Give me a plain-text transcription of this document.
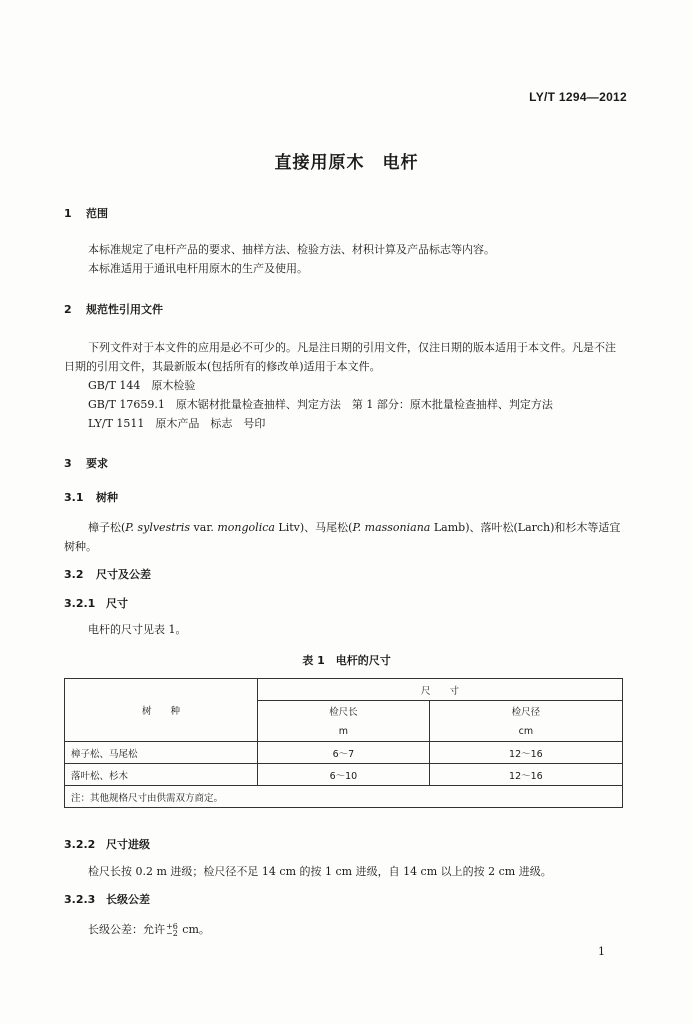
LY/T 1294—2012
直接用原木　电杆
1 范围
本标准规定了电杆产品的要求、抽样方法、检验方法、材积计算及产品标志等内容。
本标准适用于通讯电杆用原木的生产及使用。
2 规范性引用文件
下列文件对于本文件的应用是必不可少的。凡是注日期的引用文件，仅注日期的版本适用于本文件。凡是不注日期的引用文件，其最新版本(包括所有的修改单)适用于本文件。
GB/T 144　原木检验
GB/T 17659.1　原木锯材批量检查抽样、判定方法　第 1 部分：原木批量检查抽样、判定方法
LY/T 1511　原木产品　标志　号印
3 要求
3.1 树种
樟子松(P. sylvestris var. mongolica Litv)、马尾松(P. massoniana Lamb)、落叶松(Larch)和杉木等适宜树种。
3.2 尺寸及公差
3.2.1 尺寸
电杆的尺寸见表 1。
表 1　电杆的尺寸
树　　种	尺　　寸	
	检尺长	检尺径
	m	cm
樟子松、马尾松	6～7	12～16
落叶松、杉木	6～10	12～16
注：其他规格尺寸由供需双方商定。		
3.2.2 尺寸进级
检尺长按 0.2 m 进级；检尺径不足 14 cm 的按 1 cm 进级，自 14 cm 以上的按 2 cm 进级。
3.2.3 长级公差
长级公差：允许 +6
−2 cm。
1
